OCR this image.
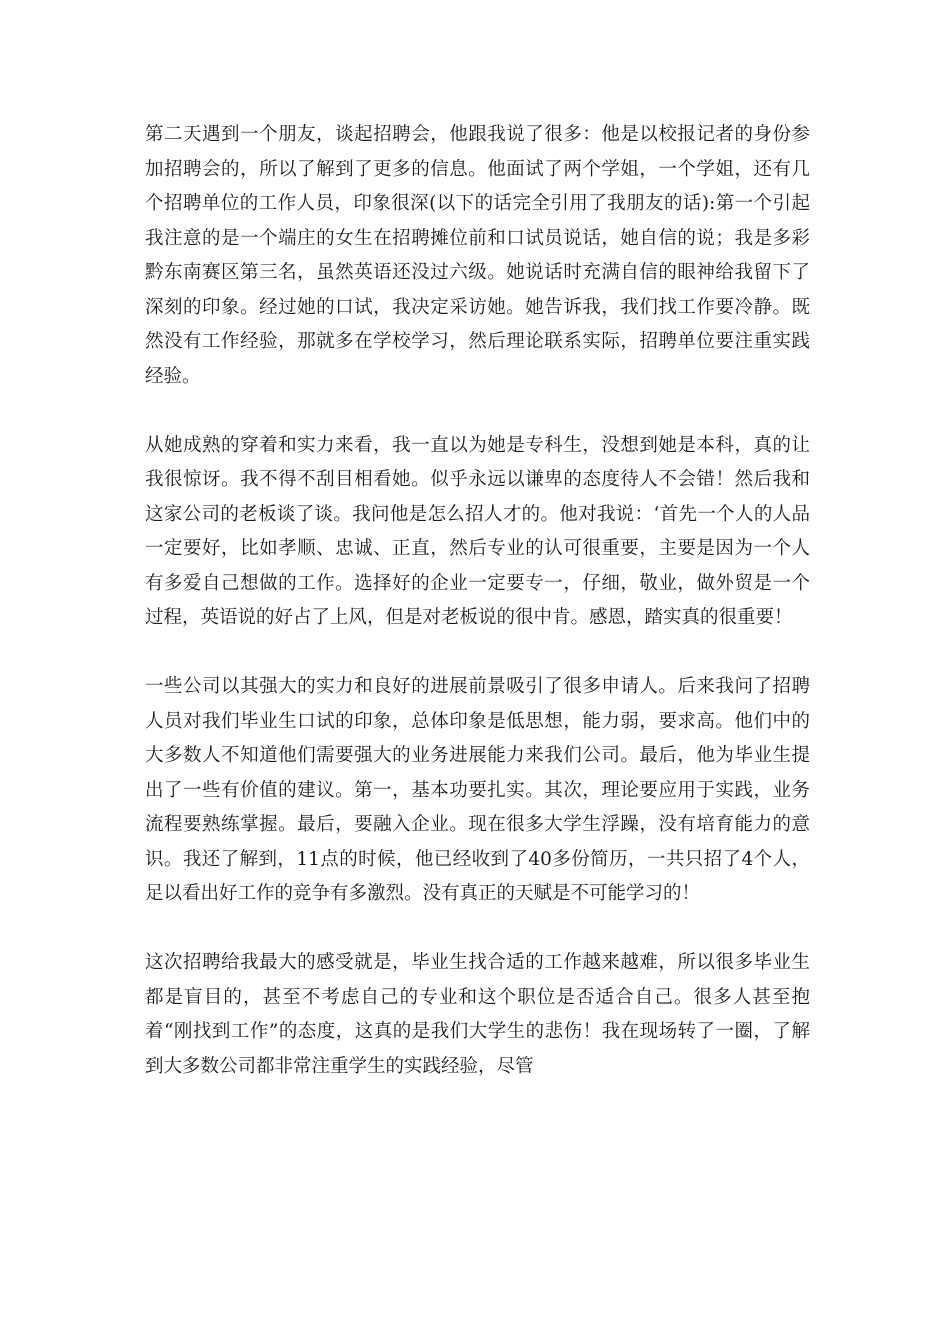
第二天遇到一个朋友，谈起招聘会，他跟我说了很多：他是以校报记者的身份参加招聘会的，所以了解到了更多的信息。他面试了两个学姐，一个学姐，还有几个招聘单位的工作人员，印象很深(以下的话完全引用了我朋友的话):第一个引起我注意的是一个端庄的女生在招聘摊位前和口试员说话，她自信的说；我是多彩黔东南赛区第三名，虽然英语还没过六级。她说话时充满自信的眼神给我留下了深刻的印象。经过她的口试，我决定采访她。她告诉我，我们找工作要冷静。既然没有工作经验，那就多在学校学习，然后理论联系实际，招聘单位要注重实践经验。

从她成熟的穿着和实力来看，我一直以为她是专科生，没想到她是本科，真的让我很惊讶。我不得不刮目相看她。似乎永远以谦卑的态度待人不会错！然后我和这家公司的老板谈了谈。我问他是怎么招人才的。他对我说：‘首先一个人的人品一定要好，比如孝顺、忠诚、正直，然后专业的认可很重要，主要是因为一个人有多爱自己想做的工作。选择好的企业一定要专一，仔细，敬业，做外贸是一个过程，英语说的好占了上风，但是对老板说的很中肯。感恩，踏实真的很重要！

一些公司以其强大的实力和良好的进展前景吸引了很多申请人。后来我问了招聘人员对我们毕业生口试的印象，总体印象是低思想，能力弱，要求高。他们中的大多数人不知道他们需要强大的业务进展能力来我们公司。最后，他为毕业生提出了一些有价值的建议。第一，基本功要扎实。其次，理论要应用于实践，业务流程要熟练掌握。最后，要融入企业。现在很多大学生浮躁，没有培育能力的意识。我还了解到，11点的时候，他已经收到了40多份简历，一共只招了4个人，足以看出好工作的竞争有多激烈。没有真正的天赋是不可能学习的！

这次招聘给我最大的感受就是，毕业生找合适的工作越来越难，所以很多毕业生都是盲目的，甚至不考虑自己的专业和这个职位是否适合自己。很多人甚至抱着“刚找到工作”的态度，这真的是我们大学生的悲伤！我在现场转了一圈，了解到大多数公司都非常注重学生的实践经验，尽管
